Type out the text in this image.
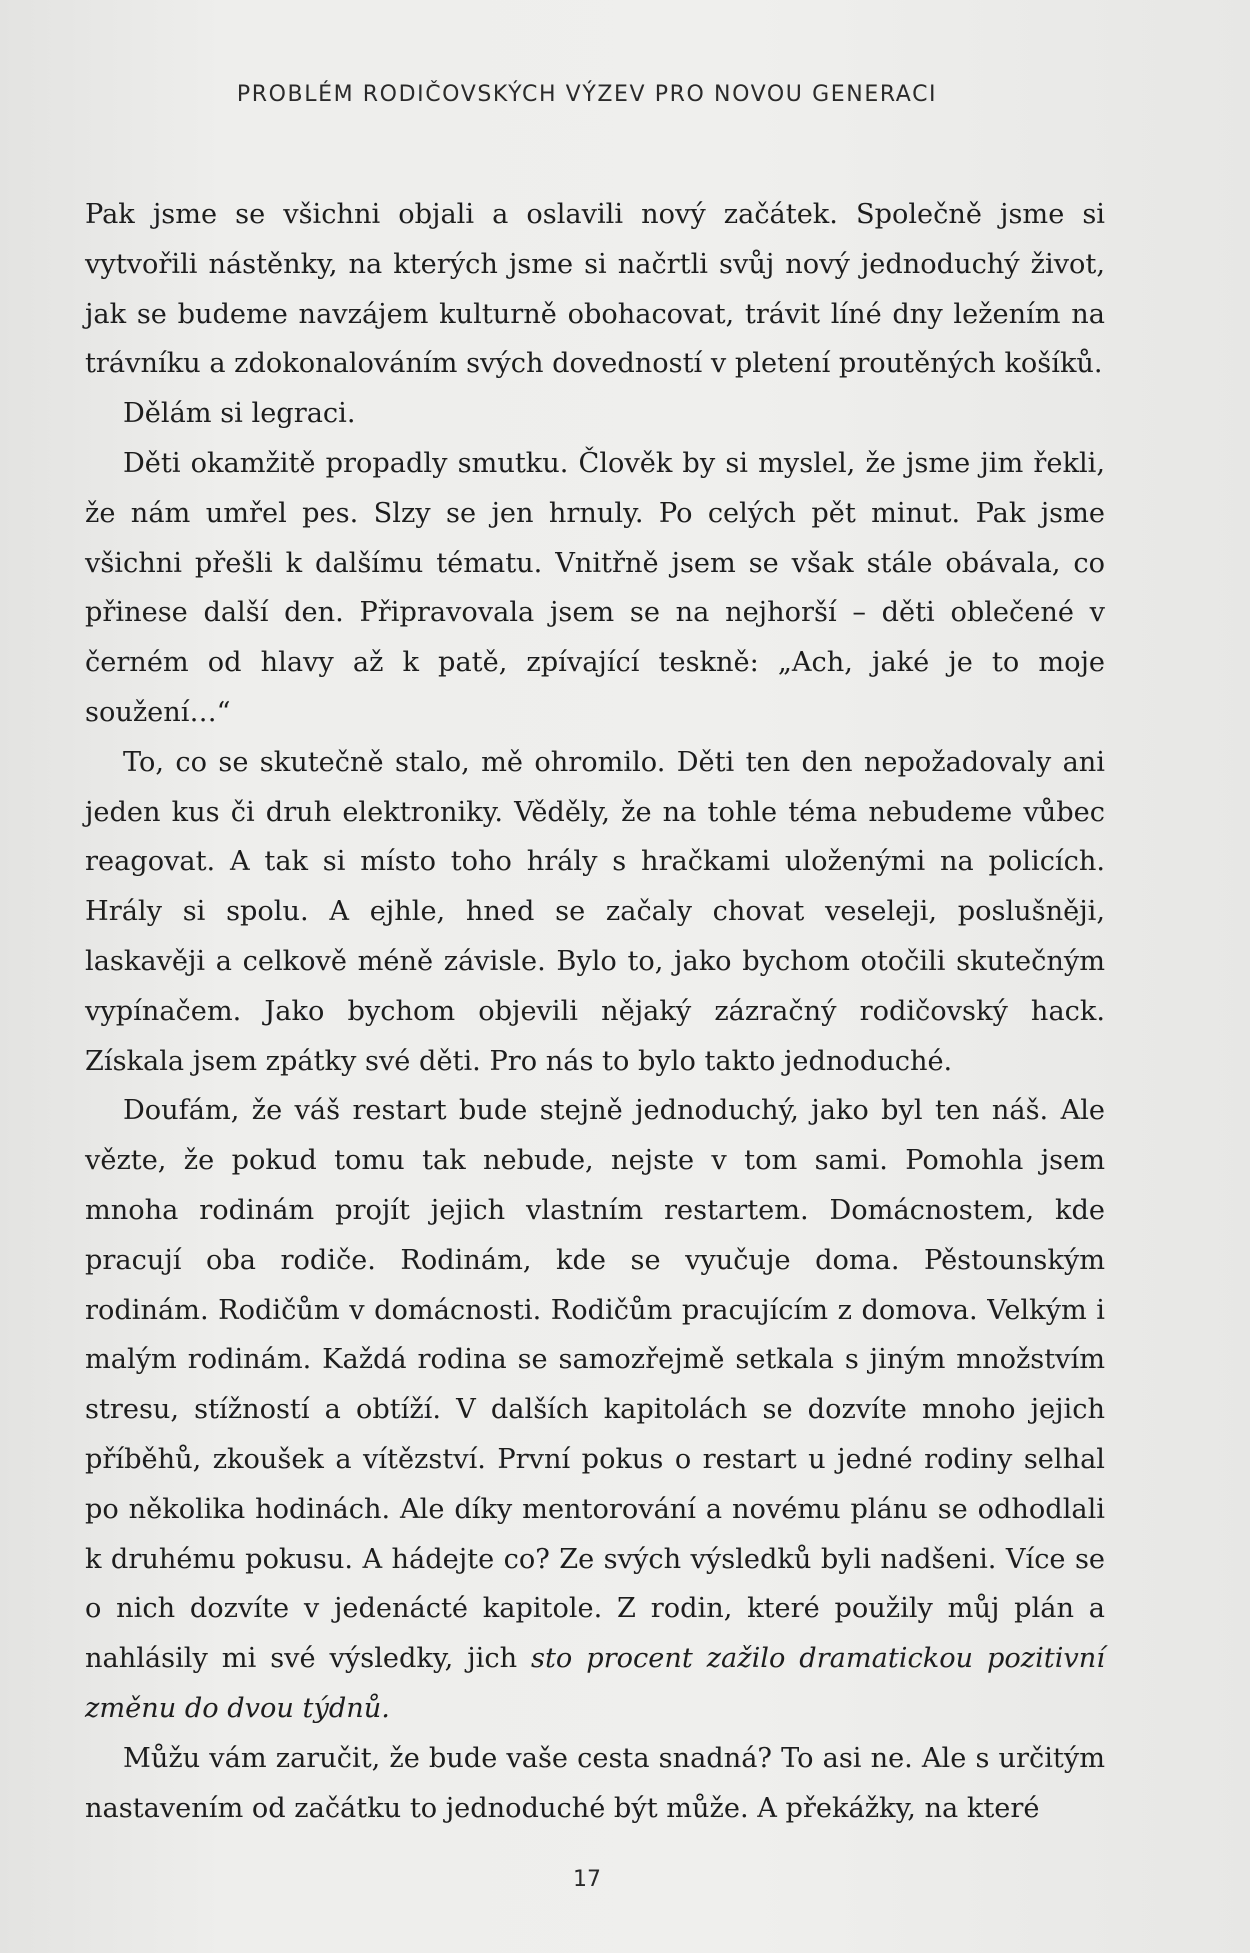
PROBLÉM RODIČOVSKÝCH VÝZEV PRO NOVOU GENERACI

Pak jsme se všichni objali a oslavili nový začátek. Společně jsme si vytvořili nástěnky, na kterých jsme si načrtli svůj nový jednoduchý život, jak se budeme navzájem kulturně obohacovat, trávit líné dny ležením na trávníku a zdokonalováním svých dovedností v pletení proutěných košíků.

Dělám si legraci.

Děti okamžitě propadly smutku. Člověk by si myslel, že jsme jim řekli, že nám umřel pes. Slzy se jen hrnuly. Po celých pět minut. Pak jsme všichni přešli k dalšímu tématu. Vnitřně jsem se však stále obávala, co přinese další den. Připravovala jsem se na nejhorší – děti oblečené v černém od hlavy až k patě, zpívající teskně: „Ach, jaké je to moje soužení…“

To, co se skutečně stalo, mě ohromilo. Děti ten den nepožadovaly ani jeden kus či druh elektroniky. Věděly, že na tohle téma nebudeme vůbec reagovat. A tak si místo toho hrály s hračkami uloženými na policích. Hrály si spolu. A ejhle, hned se začaly chovat veseleji, poslušněji, laskavěji a celkově méně závisle. Bylo to, jako bychom otočili skutečným vypínačem. Jako bychom objevili nějaký zázračný rodičovský hack. Získala jsem zpátky své děti. Pro nás to bylo takto jednoduché.

Doufám, že váš restart bude stejně jednoduchý, jako byl ten náš. Ale vězte, že pokud tomu tak nebude, nejste v tom sami. Pomohla jsem mnoha rodinám projít jejich vlastním restartem. Domácnostem, kde pracují oba rodiče. Rodinám, kde se vyučuje doma. Pěstounským rodinám. Rodičům v domácnosti. Rodičům pracujícím z domova. Velkým i malým rodinám. Každá rodina se samozřejmě setkala s jiným množstvím stresu, stížností a obtíží. V dalších kapitolách se dozvíte mnoho jejich příběhů, zkoušek a vítězství. První pokus o restart u jedné rodiny selhal po několika hodinách. Ale díky mentorování a novému plánu se odhodlali k druhému pokusu. A hádejte co? Ze svých výsledků byli nadšeni. Více se o nich dozvíte v jedenácté kapitole. Z rodin, které použily můj plán a nahlásily mi své výsledky, jich sto procent zažilo dramatickou pozitivní změnu do dvou týdnů.

Můžu vám zaručit, že bude vaše cesta snadná? To asi ne. Ale s určitým nastavením od začátku to jednoduché být může. A překážky, na které

17
